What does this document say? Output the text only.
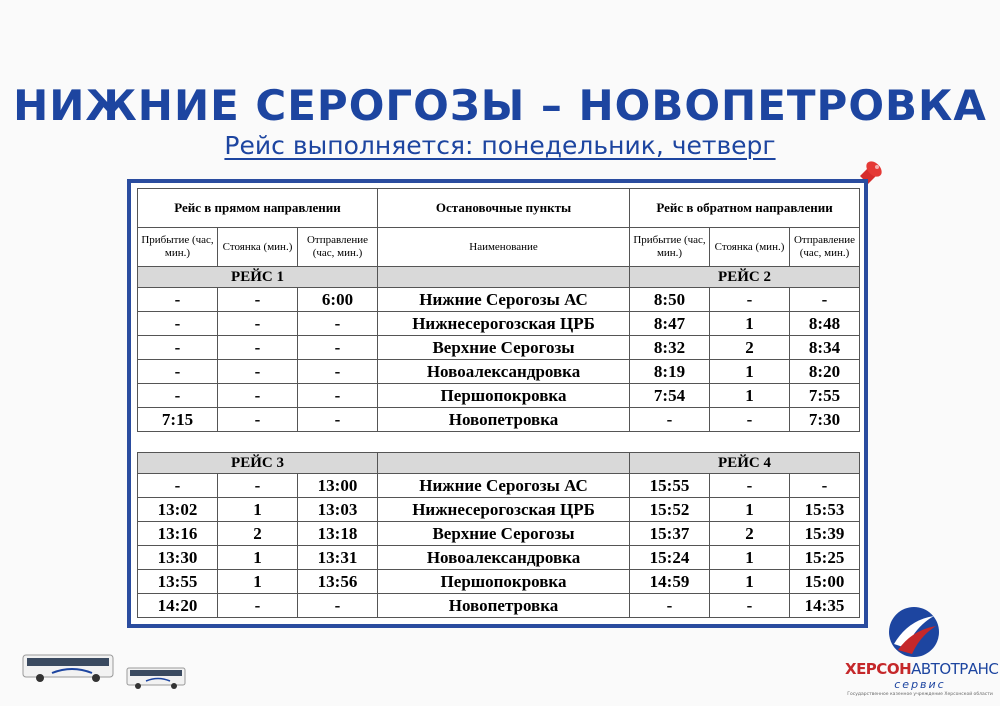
НИЖНИЕ СЕРОГОЗЫ – НОВОПЕТРОВКА
Рейс выполняется: понедельник, четверг
Рейс в прямом направлении			Остановочные пункты	Рейс в обратном направлении		
Прибытие (час, мин.)	Стоянка (мин.)	Отправление (час, мин.)	Наименование	Прибытие (час, мин.)	Стоянка (мин.)	Отправление (час, мин.)
РЕЙС 1				РЕЙС 2		
-	-	6:00	Нижние Серогозы АС	8:50	-	-
-	-	-	Нижнесерогозская ЦРБ	8:47	1	8:48
-	-	-	Верхние Серогозы	8:32	2	8:34
-	-	-	Новоалександровка	8:19	1	8:20
-	-	-	Першопокровка	7:54	1	7:55
7:15	-	-	Новопетровка	-	-	7:30

РЕЙС 3				РЕЙС 4		
-	-	13:00	Нижние Серогозы АС	15:55	-	-
13:02	1	13:03	Нижнесерогозская ЦРБ	15:52	1	15:53
13:16	2	13:18	Верхние Серогозы	15:37	2	15:39
13:30	1	13:31	Новоалександровка	15:24	1	15:25
13:55	1	13:56	Першопокровка	14:59	1	15:00
14:20	-	-	Новопетровка	-	-	14:35
ХЕРСОНАВТОТРАНС
сервис
Государственное казенное учреждение Херсонской области
